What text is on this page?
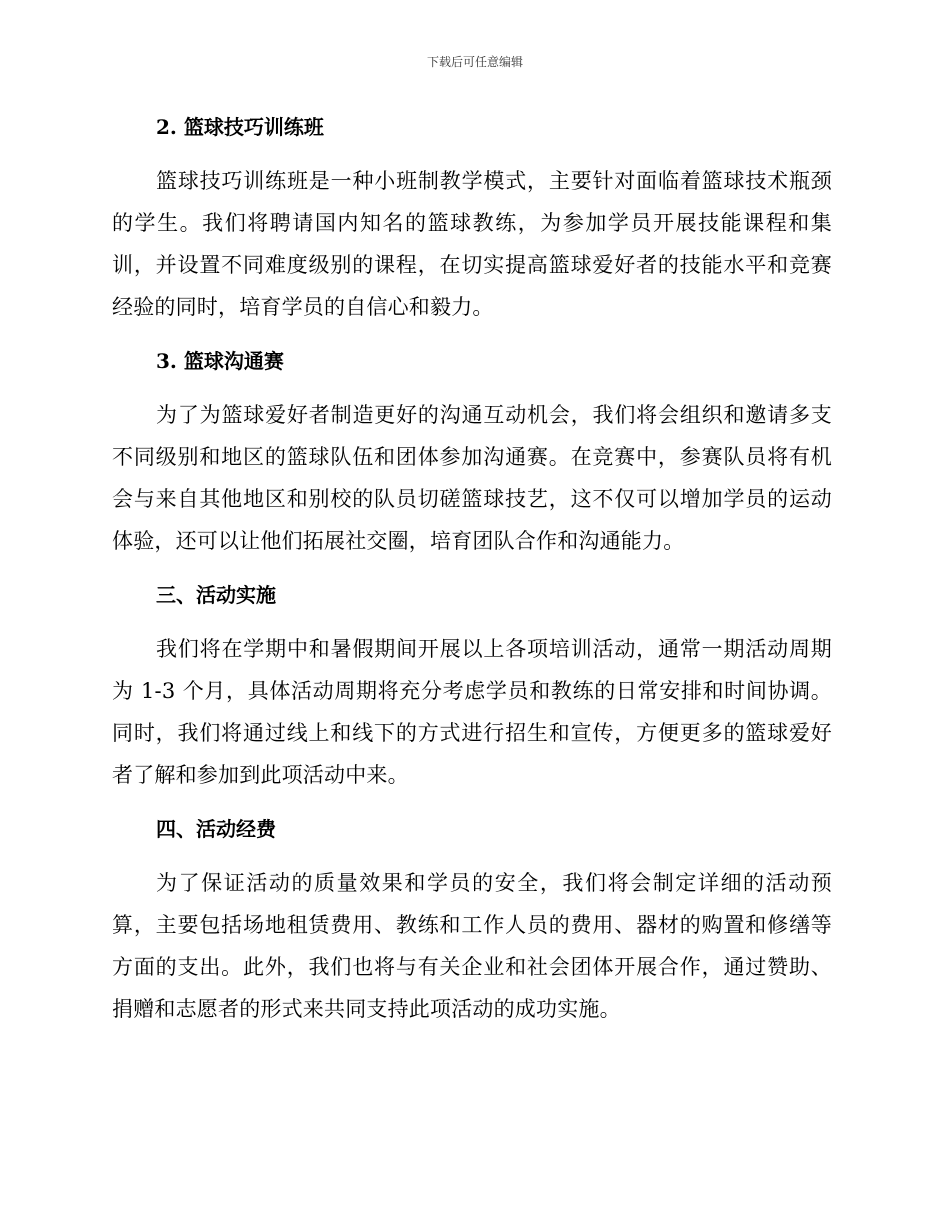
下载后可任意编辑
2. 篮球技巧训练班

篮球技巧训练班是一种小班制教学模式，主要针对面临着篮球技术瓶颈的学生。我们将聘请国内知名的篮球教练，为参加学员开展技能课程和集训，并设置不同难度级别的课程，在切实提高篮球爱好者的技能水平和竞赛经验的同时，培育学员的自信心和毅力。

3. 篮球沟通赛

为了为篮球爱好者制造更好的沟通互动机会，我们将会组织和邀请多支不同级别和地区的篮球队伍和团体参加沟通赛。在竞赛中，参赛队员将有机会与来自其他地区和别校的队员切磋篮球技艺，这不仅可以增加学员的运动体验，还可以让他们拓展社交圈，培育团队合作和沟通能力。

三、活动实施

我们将在学期中和暑假期间开展以上各项培训活动，通常一期活动周期为 1-3 个月，具体活动周期将充分考虑学员和教练的日常安排和时间协调。同时，我们将通过线上和线下的方式进行招生和宣传，方便更多的篮球爱好者了解和参加到此项活动中来。

四、活动经费

为了保证活动的质量效果和学员的安全，我们将会制定详细的活动预算，主要包括场地租赁费用、教练和工作人员的费用、器材的购置和修缮等方面的支出。此外，我们也将与有关企业和社会团体开展合作，通过赞助、捐赠和志愿者的形式来共同支持此项活动的成功实施。
